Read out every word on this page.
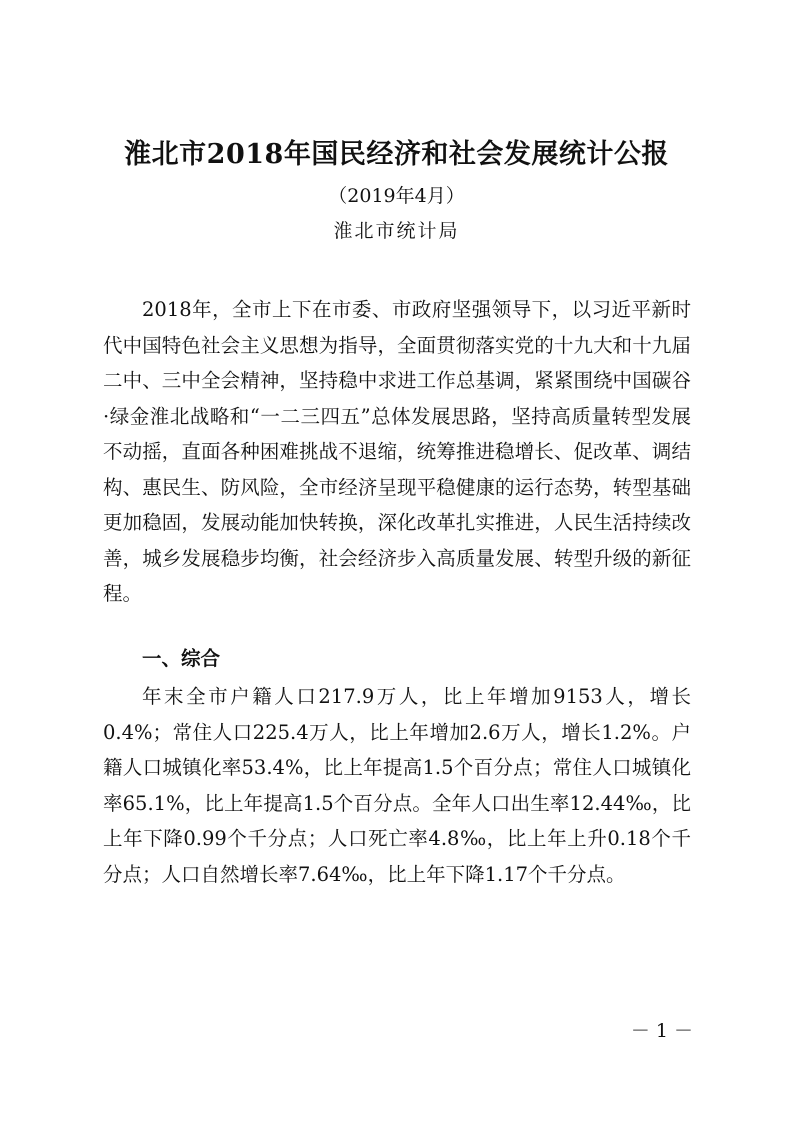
淮北市2018年国民经济和社会发展统计公报
（2019年4月）
淮北市统计局

2018年，全市上下在市委、市政府坚强领导下，以习近平新时代中国特色社会主义思想为指导，全面贯彻落实党的十九大和十九届二中、三中全会精神，坚持稳中求进工作总基调，紧紧围绕中国碳谷·绿金淮北战略和“一二三四五”总体发展思路，坚持高质量转型发展不动摇，直面各种困难挑战不退缩，统筹推进稳增长、促改革、调结构、惠民生、防风险，全市经济呈现平稳健康的运行态势，转型基础更加稳固，发展动能加快转换，深化改革扎实推进，人民生活持续改善，城乡发展稳步均衡，社会经济步入高质量发展、转型升级的新征程。

一、综合

年末全市户籍人口217.9万人，比上年增加9153人，增长0.4%；常住人口225.4万人，比上年增加2.6万人，增长1.2%。户籍人口城镇化率53.4%，比上年提高1.5个百分点；常住人口城镇化率65.1%，比上年提高1.5个百分点。全年人口出生率12.44‰，比上年下降0.99个千分点；人口死亡率4.8‰，比上年上升0.18个千分点；人口自然增长率7.64‰，比上年下降1.17个千分点。

－ 1 －
